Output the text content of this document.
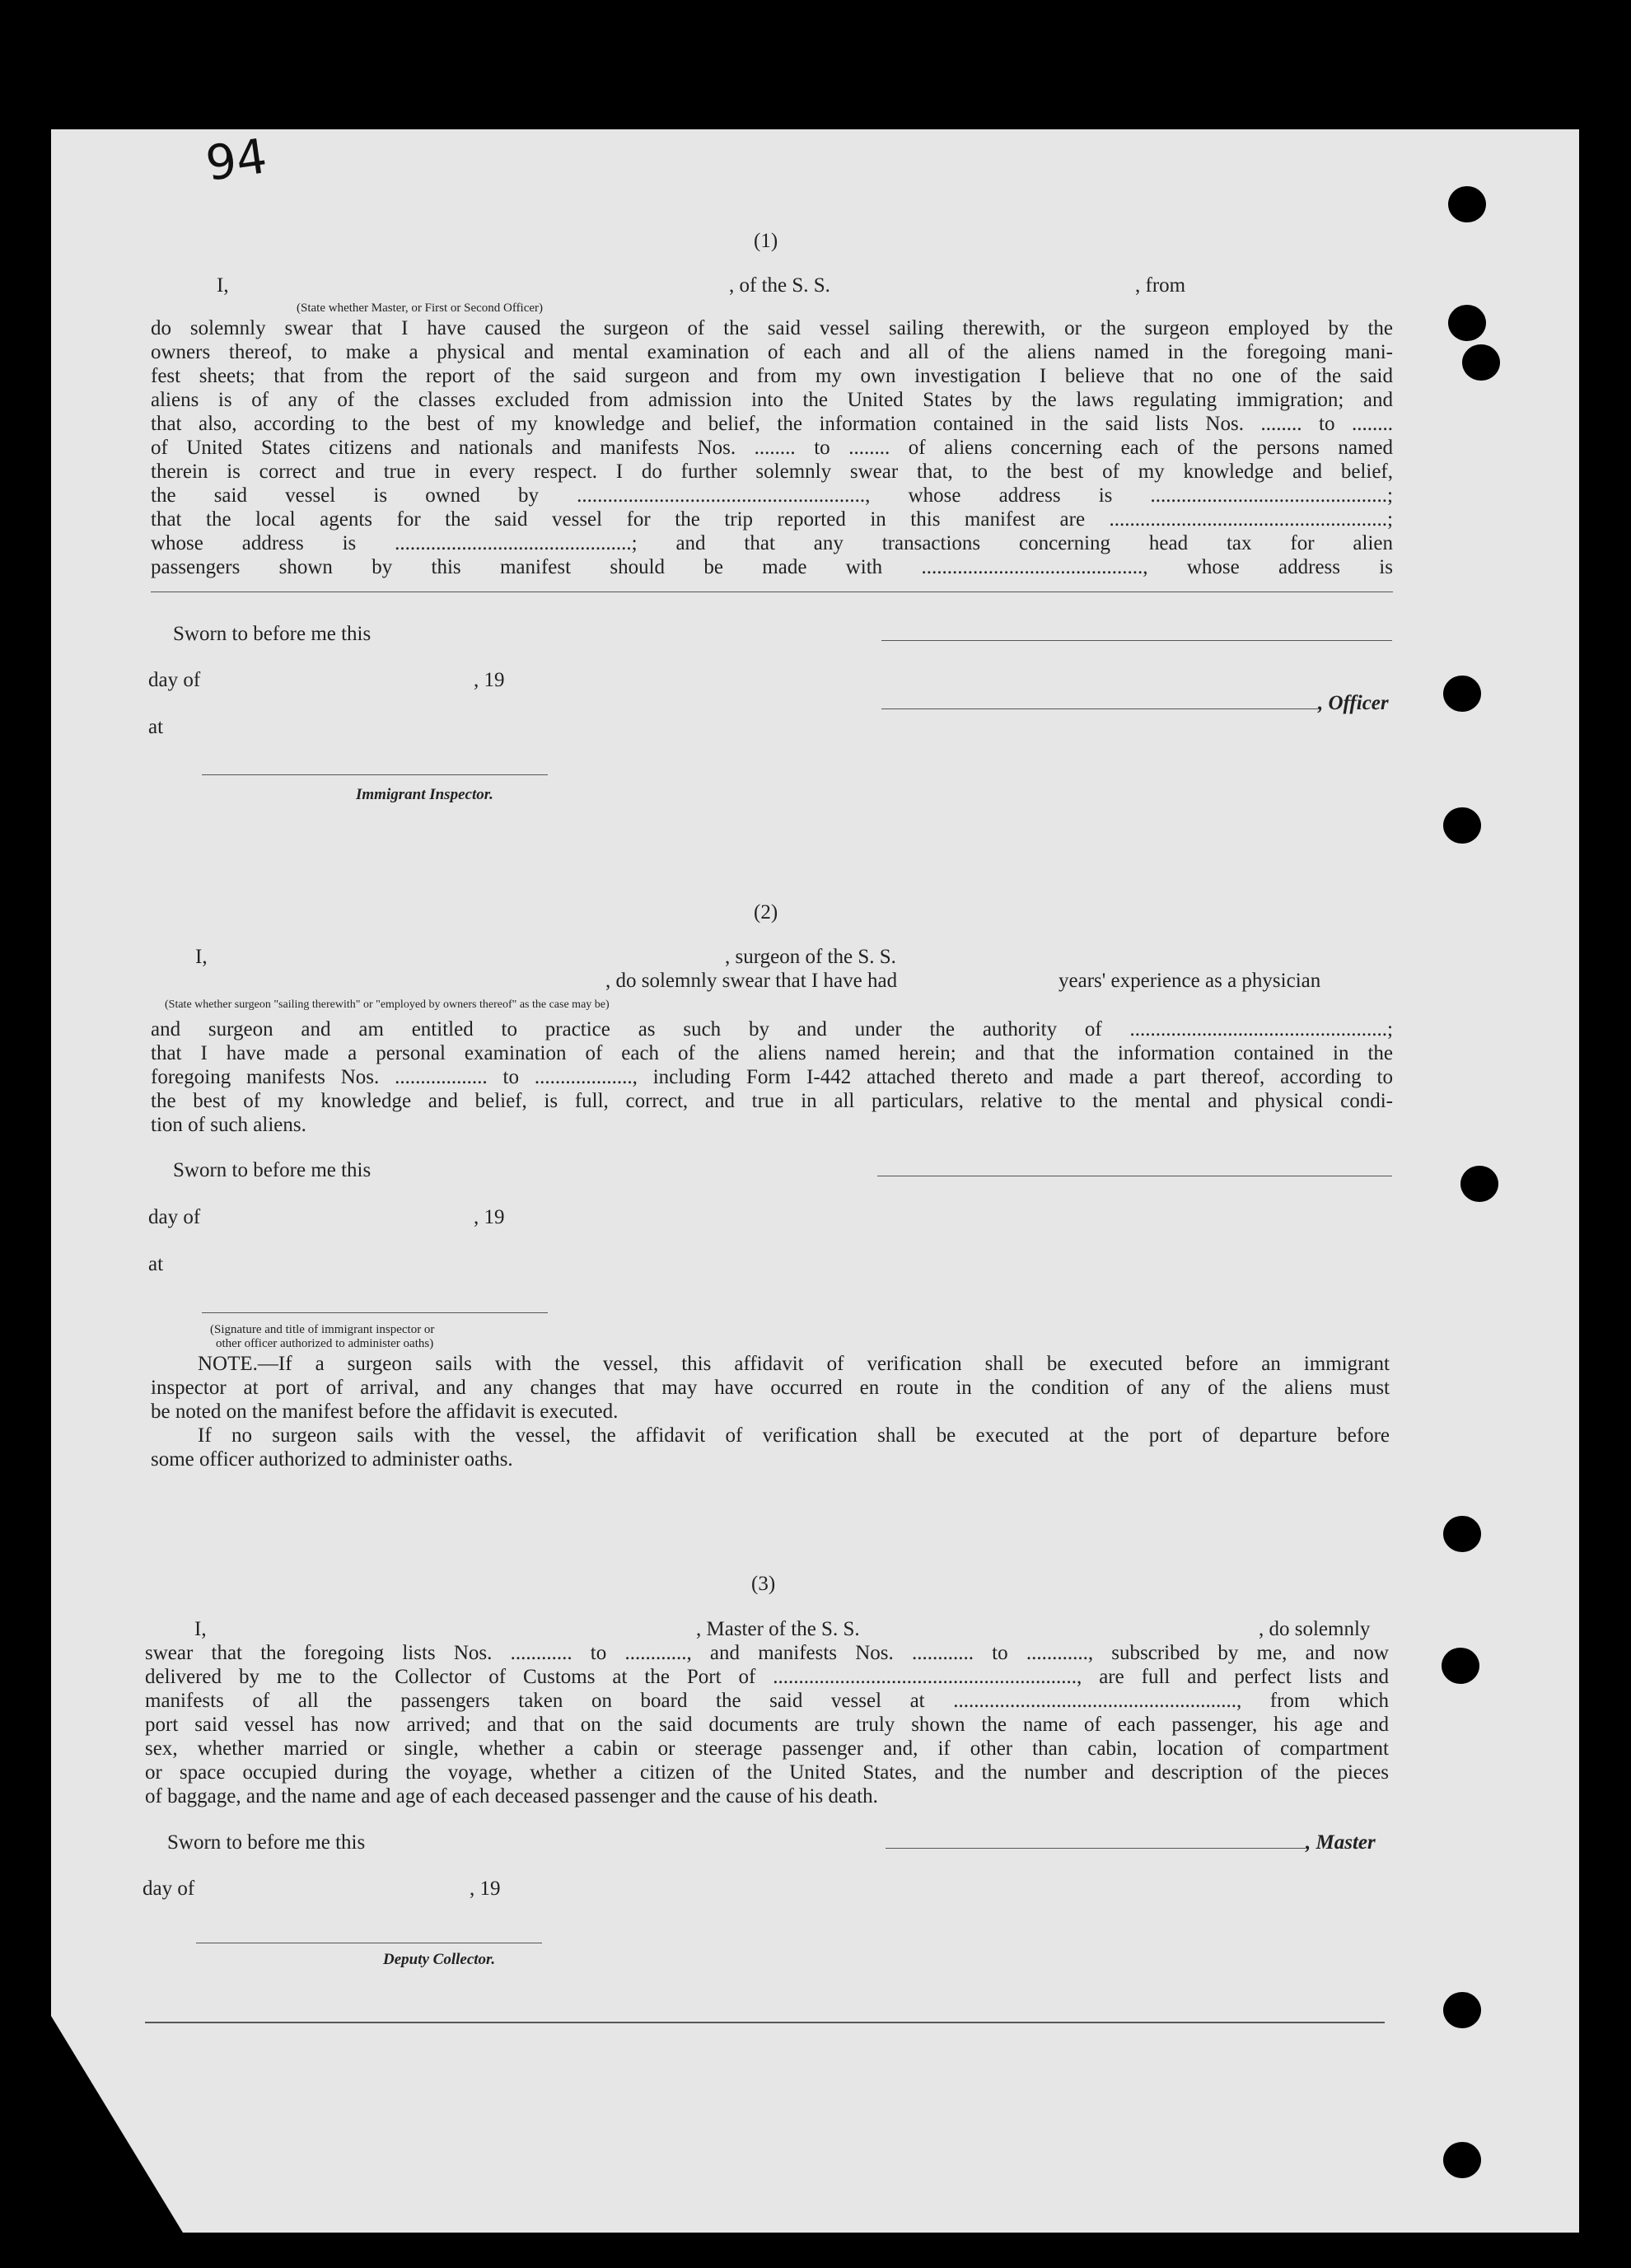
94
(1)
I,	, of the S. S.	, from
(State whether Master, or First or Second Officer)
do solemnly swear that I have caused the surgeon of the said vessel sailing therewith, or the surgeon employed by the
owners thereof, to make a physical and mental examination of each and all of the aliens named in the foregoing mani-
fest sheets; that from the report of the said surgeon and from my own investigation I believe that no one of the said
aliens is of any of the classes excluded from admission into the United States by the laws regulating immigration; and
that also, according to the best of my knowledge and belief, the information contained in the said lists Nos. ........ to ........
of United States citizens and nationals and manifests Nos. ........ to ........ of aliens concerning each of the persons named
therein is correct and true in every respect. I do further solemnly swear that, to the best of my knowledge and belief,
the said vessel is owned by ........................................................, whose address is ..............................................;
that the local agents for the said vessel for the trip reported in this manifest are ......................................................;
whose address is ..............................................; and that any transactions concerning head tax for alien
passengers shown by this manifest should be made with ..........................................., whose address is
Sworn to before me this
day of	, 19
, Officer
at
Immigrant Inspector.
(2)
I,	, surgeon of the S. S.
, do solemnly swear that I have had	years' experience as a physician
(State whether surgeon "sailing therewith" or "employed by owners thereof" as the case may be)
and surgeon and am entitled to practice as such by and under the authority of ..................................................;
that I have made a personal examination of each of the aliens named herein; and that the information contained in the
foregoing manifests Nos. .................. to ..................., including Form I-442 attached thereto and made a part thereof, according to
the best of my knowledge and belief, is full, correct, and true in all particulars, relative to the mental and physical condi-
tion of such aliens.
Sworn to before me this
day of	, 19
at
(Signature and title of immigrant inspector or
other officer authorized to administer oaths)
NOTE.—If a surgeon sails with the vessel, this affidavit of verification shall be executed before an immigrant
inspector at port of arrival, and any changes that may have occurred en route in the condition of any of the aliens must
be noted on the manifest before the affidavit is executed.
If no surgeon sails with the vessel, the affidavit of verification shall be executed at the port of departure before
some officer authorized to administer oaths.
(3)
I,	, Master of the S. S.	, do solemnly
swear that the foregoing lists Nos. ............ to ............, and manifests Nos. ............ to ............, subscribed by me, and now
delivered by me to the Collector of Customs at the Port of ..........................................................., are full and perfect lists and
manifests of all the passengers taken on board the said vessel at ......................................................., from which
port said vessel has now arrived; and that on the said documents are truly shown the name of each passenger, his age and
sex, whether married or single, whether a cabin or steerage passenger and, if other than cabin, location of compartment
or space occupied during the voyage, whether a citizen of the United States, and the number and description of the pieces
of baggage, and the name and age of each deceased passenger and the cause of his death.
Sworn to before me this	, Master
day of	, 19
Deputy Collector.
